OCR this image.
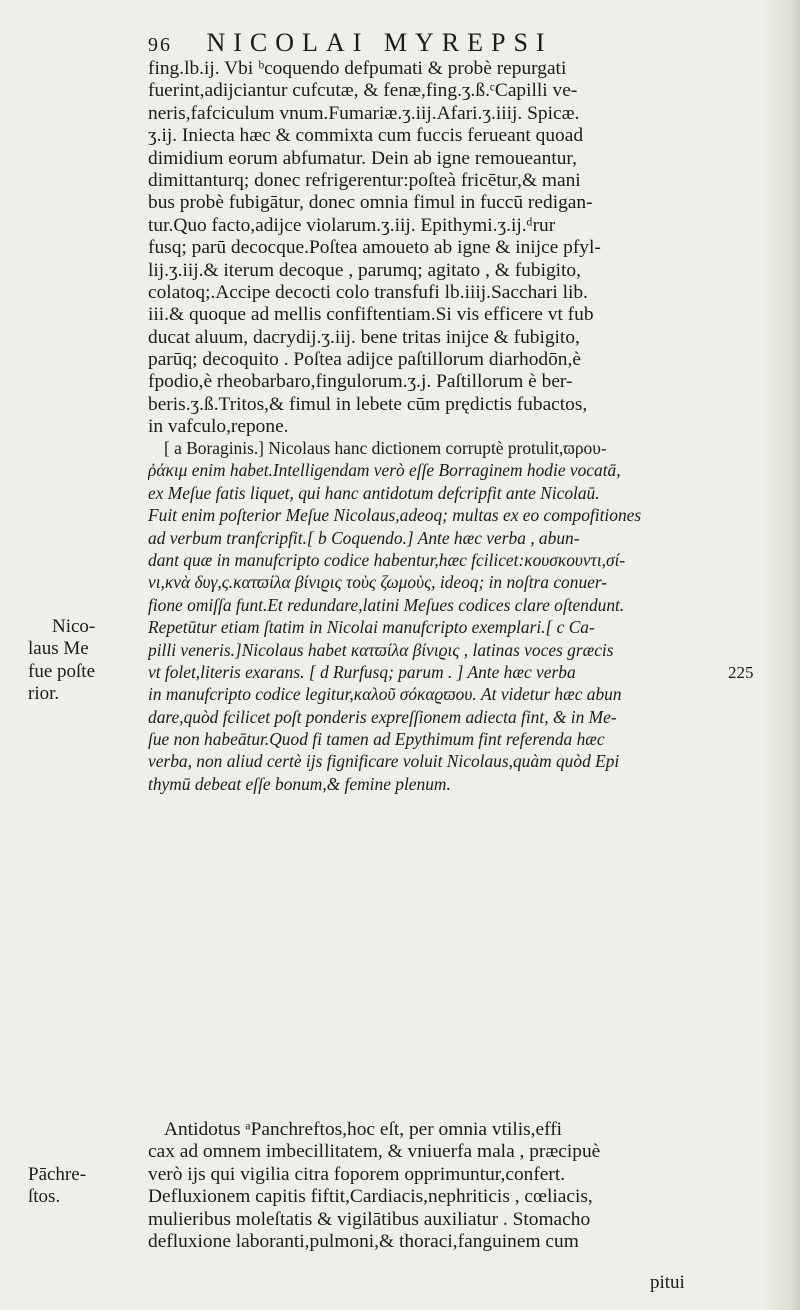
96 NICOLAI MYREPSI
fing.lb.ij. Vbi ᵇcoquendo defpumati & probè repurgati
fuerint,adijciantur cufcutæ, & fenæ,fing.ʒ.ß.ᶜCapilli ve-
neris,fafciculum vnum.Fumariæ.ʒ.iij.Afari.ʒ.iiij. Spicæ.
ʒ.ij. Ιniecta hæc & commixta cum fuccis ferueant quoad
dimidium eorum abfumatur. Dein ab igne remoueantur,
dimittanturq; donec refrigerentur:poſteà fricētur,& mani
bus probè fubigātur, donec omnia fimul in fuccū redigan-
tur.Quo facto,adijce violarum.ʒ.iij. Epithymi.ʒ.ij.ᵈrur
fusq; parū decocque.Poſtea amouetο ab igne & inijce pfyl-
lij.ʒ.iij.& iterum decoque , parumq; agitato , & fubigito,
colatoq;.Accipe decocti colo transfufi lb.iiij.Sacchari lib.
iii.& quoque ad mellis confiftentiam.Si vis efficere vt fub
ducat aluum, dacrydij.ʒ.iij. bene tritas inijce & fubigito,
parūq; decoquito . Poſtea adijce paſtillorum diarhodōn,è
fpodio,è rheobarbaro,fingulorum.ʒ.j. Paſtillorum è ber-
beris.ʒ.ß.Tritos,& fimul in lebete cūm prędictis fubactos,
in vafculo,repone.
[ a Boraginis.] Nicolaus hanc dictionem corruptè protulit,ϖρου-
ῥάκιμ enim habet.Intelligendam verò eſſe Borraginem hodie vocatā,
ex Meſue fatis liquet, qui hanc antidotum defcripfit ante Nicolaū.
Fuit enim poſterior Meſue Nicolaus,adeoq; multas ex eo compofitiones
ad verbum tranfcripfit.[ b Coquendo.] Ante hæc verba , abun-
dant quæ in manufcripto codice habentur,hæc fcilicet:κουσκουντι,σί-
νι,κνὰ δυγ,ς.κατϖίλα βίνιϱις τοὺς ζωμοὺς, ideoq; in noſtra conuer-
fione omiſſa funt.Et redundare,latini Meſues codices clare oſtendunt.
Repetūtur etiam ſtatim in Nicolai manufcripto exemplari.[ c Ca-
pilli veneris.]Nicolaus habet κατϖίλα βίνιϱις , latinas voces græcis
vt folet,literis exarans. [ d Rurfusq; parum . ] Ante hæc verba
in manufcripto codice legitur,καλοῦ σόκαϱϖου. At videtur hæc abun
dare,quòd fcilicet poſt ponderis expreſſionem adiecta fint, & in Me-
ſue non habeātur.Quod fi tamen ad Epythimum fint referenda hæc
verba, non aliud certè ijs fignificare voluit Nicolaus,quàm quòd Epi
thymū debeat eſſe bonum,& femine plenum.
Antidotus ᵃPanchreftos,hoc eſt, per omnia vtilis,effi
cax ad omnem imbecillitatem, & vniuerfa mala , præcipuè
verò ijs qui vigilia citra foporem opprimuntur,confert.
Defluxionem capitis fiftit,Cardiacis,nephriticis , cœliacis,
mulieribus moleſtatis & vigilātibus auxiliatur . Stomacho
defluxione laboranti,pulmoni,& thoraci,fanguinem cum
pitui
225
Nico-
laus Me
fue poſte
rior.
Pāchre-
ſtos.
